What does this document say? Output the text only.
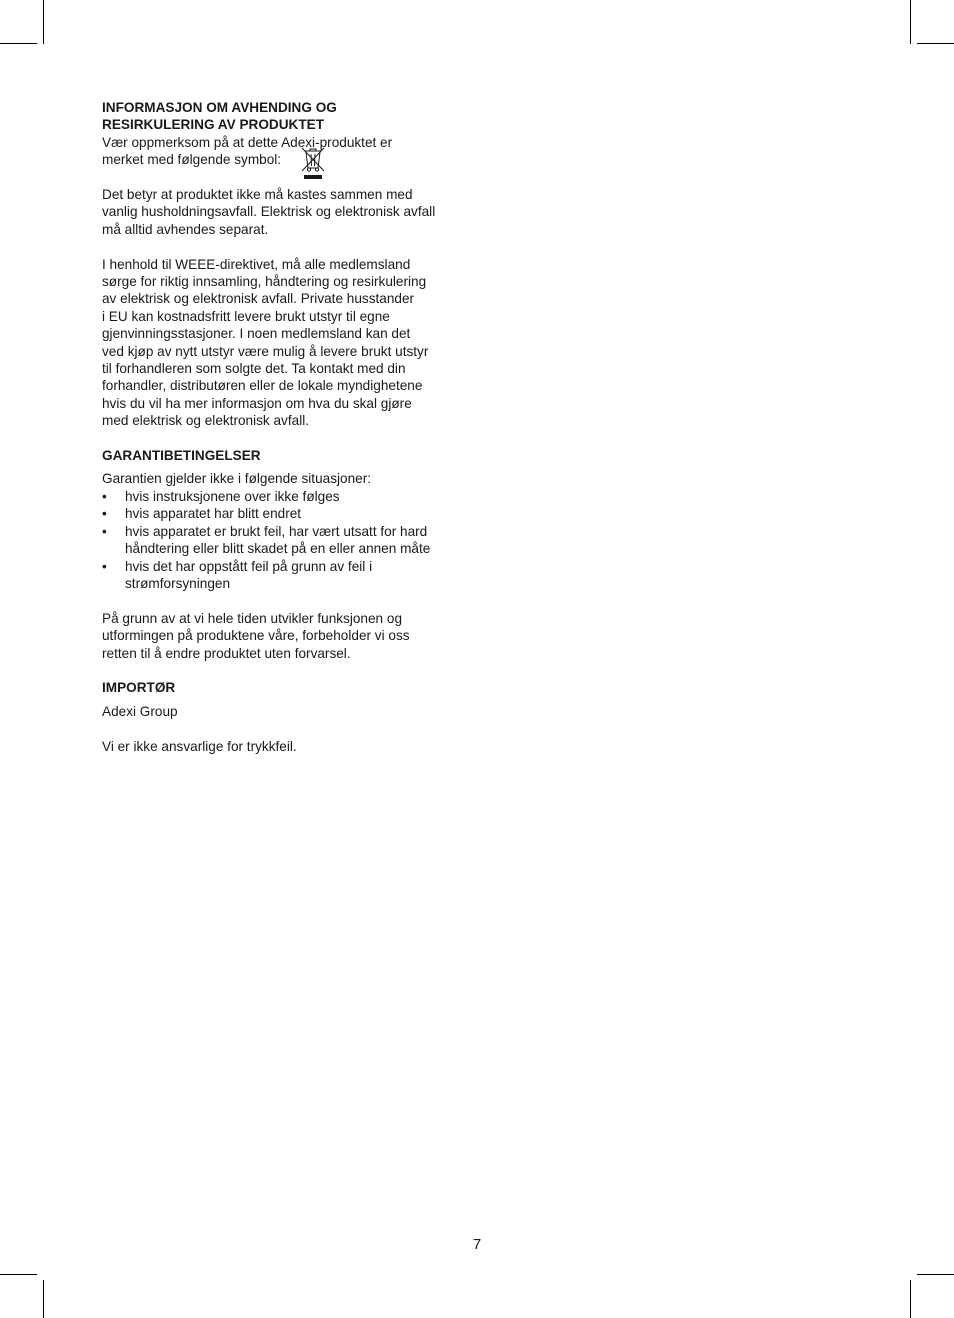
INFORMASJON OM AVHENDING OG
RESIRKULERING AV PRODUKTET

Vær oppmerksom på at dette Adexi-produktet er
merket med følgende symbol:

Det betyr at produktet ikke må kastes sammen med
vanlig husholdningsavfall. Elektrisk og elektronisk avfall
må alltid avhendes separat.

I henhold til WEEE-direktivet, må alle medlemsland
sørge for riktig innsamling, håndtering og resirkulering
av elektrisk og elektronisk avfall. Private husstander
i EU kan kostnadsfritt levere brukt utstyr til egne
gjenvinningsstasjoner. I noen medlemsland kan det
ved kjøp av nytt utstyr være mulig å levere brukt utstyr
til forhandleren som solgte det. Ta kontakt med din
forhandler, distributøren eller de lokale myndighetene
hvis du vil ha mer informasjon om hva du skal gjøre
med elektrisk og elektronisk avfall.

GARANTIBETINGELSER

Garantien gjelder ikke i følgende situasjoner:

• hvis instruksjonene over ikke følges
• hvis apparatet har blitt endret
• hvis apparatet er brukt feil, har vært utsatt for hard
håndtering eller blitt skadet på en eller annen måte
• hvis det har oppstått feil på grunn av feil i
strømforsyningen

På grunn av at vi hele tiden utvikler funksjonen og
utformingen på produktene våre, forbeholder vi oss
retten til å endre produktet uten forvarsel.

IMPORTØR

Adexi Group

Vi er ikke ansvarlige for trykkfeil.

7
